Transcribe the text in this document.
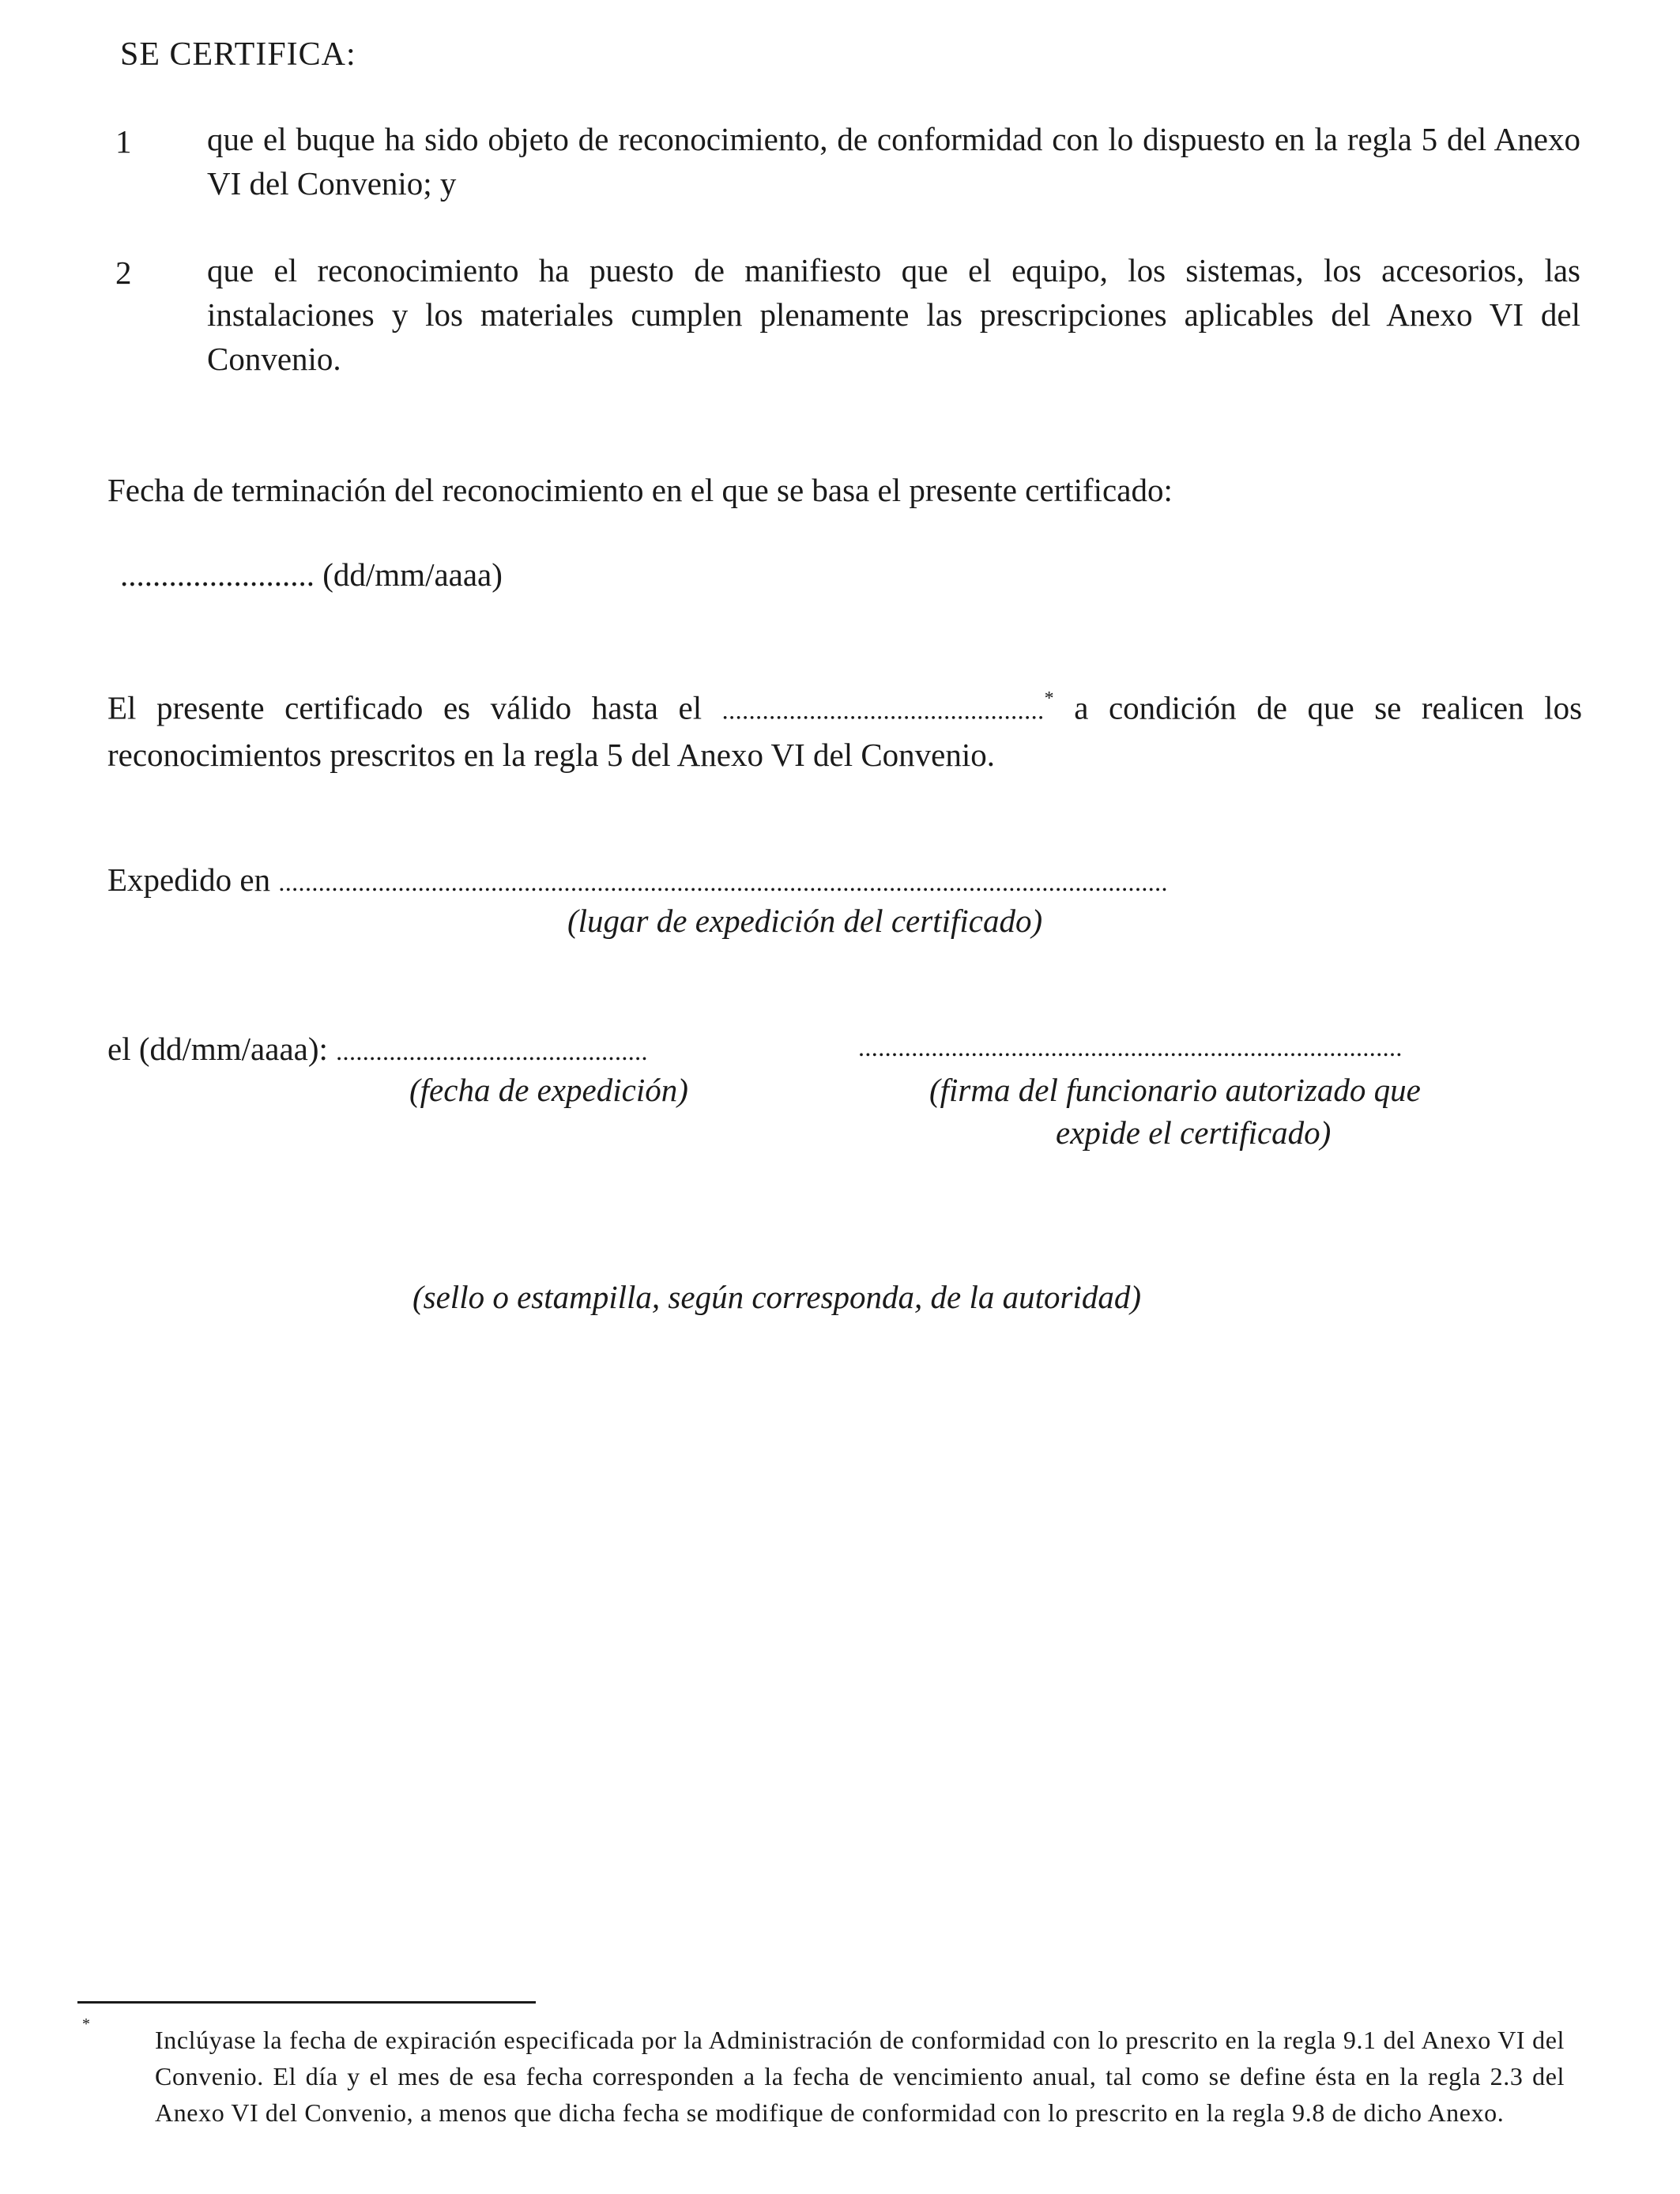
SE CERTIFICA:
1 que el buque ha sido objeto de reconocimiento, de conformidad con lo dispuesto en la regla 5 del Anexo VI del Convenio; y
2 que el reconocimiento ha puesto de manifiesto que el equipo, los sistemas, los accesorios, las instalaciones y los materiales cumplen plenamente las prescripciones aplicables del Anexo VI del Convenio.
Fecha de terminación del reconocimiento en el que se basa el presente certificado:
........................ (dd/mm/aaaa)
El presente certificado es válido hasta el ................................................* a condición de que se realicen los reconocimientos prescritos en la regla 5 del Anexo VI del Convenio.
Expedido en ......................................................................................................................................
(lugar de expedición del certificado)
el (dd/mm/aaaa): ...............................................	..................................................................................
(fecha de expedición)	(firma del funcionario autorizado que
expide el certificado)
(sello o estampilla, según corresponda, de la autoridad)
*
Inclúyase la fecha de expiración especificada por la Administración de conformidad con lo prescrito en la regla 9.1 del Anexo VI del Convenio. El día y el mes de esa fecha corresponden a la fecha de vencimiento anual, tal como se define ésta en la regla 2.3 del Anexo VI del Convenio, a menos que dicha fecha se modifique de conformidad con lo prescrito en la regla 9.8 de dicho Anexo.
